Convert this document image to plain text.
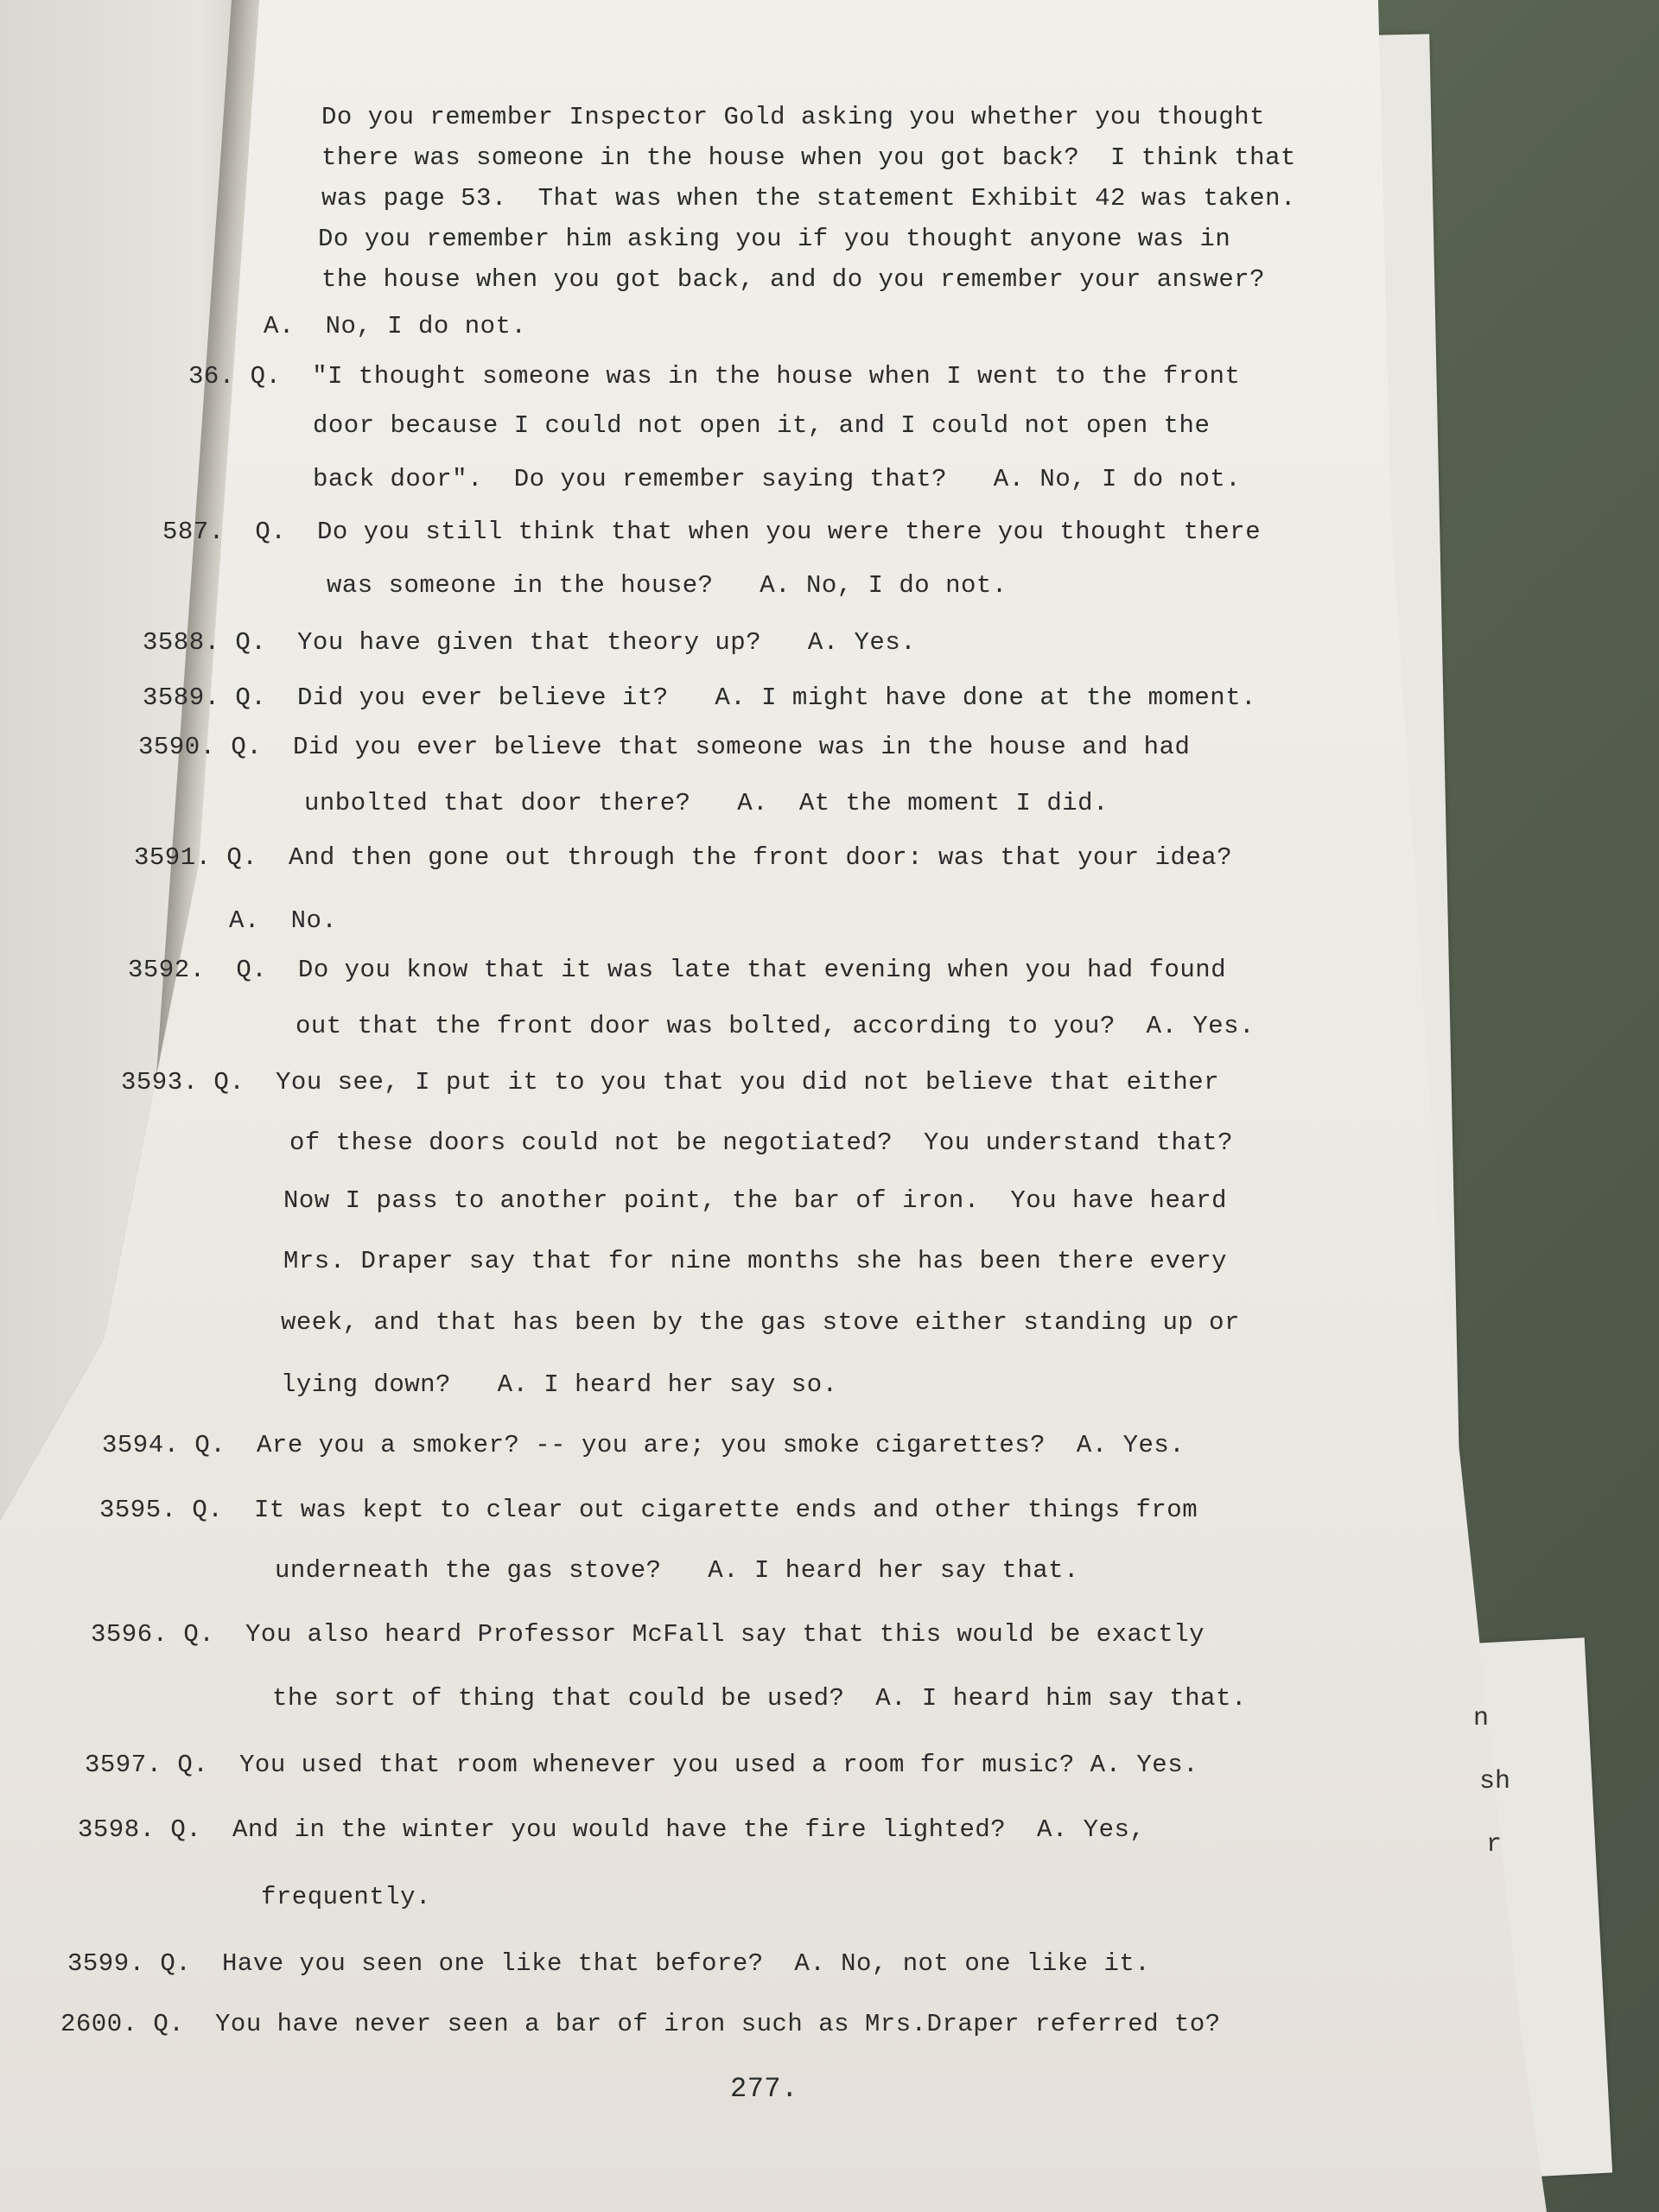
Do you remember Inspector Gold asking you whether you thought

there was someone in the house when you got back?  I think that

was page 53.  That was when the statement Exhibit 42 was taken.

Do you remember him asking you if you thought anyone was in

the house when you got back, and do you remember your answer?

A.  No, I do not.

36. Q.  "I thought someone was in the house when I went to the front

door because I could not open it, and I could not open the

back door".  Do you remember saying that?   A. No, I do not.

587.  Q.  Do you still think that when you were there you thought there

was someone in the house?   A. No, I do not.

3588. Q.  You have given that theory up?   A. Yes.

3589. Q.  Did you ever believe it?   A. I might have done at the moment.

3590. Q.  Did you ever believe that someone was in the house and had

unbolted that door there?   A.  At the moment I did.

3591. Q.  And then gone out through the front door: was that your idea?

A.  No.

3592.  Q.  Do you know that it was late that evening when you had found

out that the front door was bolted, according to you?  A. Yes.

3593. Q.  You see, I put it to you that you did not believe that either

of these doors could not be negotiated?  You understand that?

Now I pass to another point, the bar of iron.  You have heard

Mrs. Draper say that for nine months she has been there every

week, and that has been by the gas stove either standing up or

lying down?   A. I heard her say so.

3594. Q.  Are you a smoker? -- you are; you smoke cigarettes?  A. Yes.

3595. Q.  It was kept to clear out cigarette ends and other things from

underneath the gas stove?   A. I heard her say that.

3596. Q.  You also heard Professor McFall say that this would be exactly

the sort of thing that could be used?  A. I heard him say that.

3597. Q.  You used that room whenever you used a room for music? A. Yes.

3598. Q.  And in the winter you would have the fire lighted?  A. Yes,

frequently.

3599. Q.  Have you seen one like that before?  A. No, not one like it.

2600. Q.  You have never seen a bar of iron such as Mrs.Draper referred to?

277.

n
sh
r
